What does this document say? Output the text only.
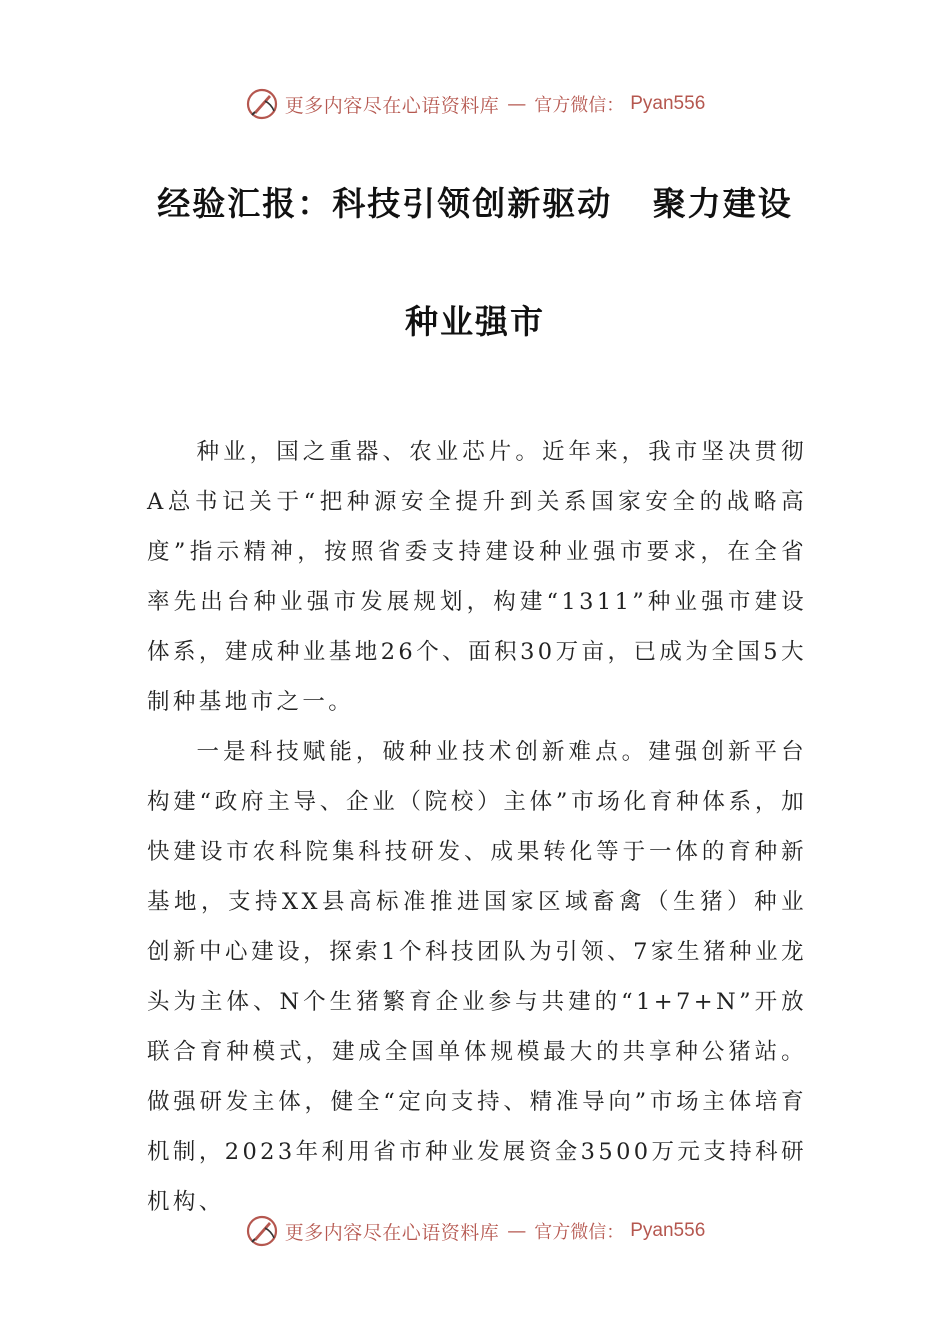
更多内容尽在心语资料库 — 官方微信： Pyan556
经验汇报：科技引领创新驱动   聚力建设
种业强市

种业，国之重器、农业芯片。近年来，我市坚决贯彻A总书记关于“把种源安全提升到关系国家安全的战略高度”指示精神，按照省委支持建设种业强市要求，在全省率先出台种业强市发展规划，构建“1311”种业强市建设体系，建成种业基地26个、面积30万亩，已成为全国5大制种基地市之一。

一是科技赋能，破种业技术创新难点。建强创新平台构建“政府主导、企业（院校）主体”市场化育种体系，加快建设市农科院集科技研发、成果转化等于一体的育种新基地，支持XX县高标准推进国家区域畜禽（生猪）种业创新中心建设，探索1个科技团队为引领、7家生猪种业龙头为主体、N个生猪繁育企业参与共建的“1+7+N”开放联合育种模式，建成全国单体规模最大的共享种公猪站。做强研发主体，健全“定向支持、精准导向”市场主体培育机制，2023年利用省市种业发展资金3500万元支持科研机构、

更多内容尽在心语资料库 — 官方微信： Pyan556
